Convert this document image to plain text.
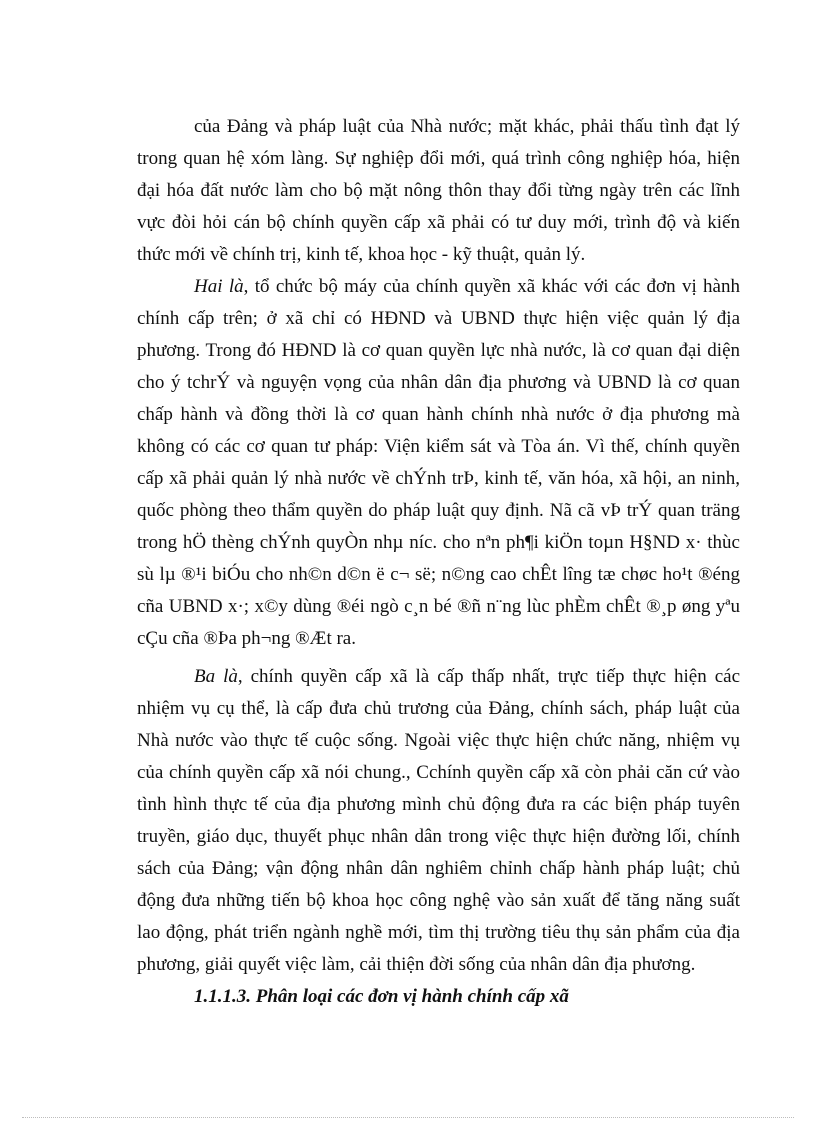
của Đảng và pháp luật của Nhà nước; mặt khác, phải thấu tình đạt lý
trong quan hệ xóm làng. Sự nghiệp đổi mới, quá trình công nghiệp hóa, hiện
đại hóa đất nước làm cho bộ mặt nông thôn thay đổi từng ngày trên các lĩnh
vực đòi hỏi cán bộ chính quyền cấp xã phải có tư duy mới, trình độ và kiến
thức mới về chính trị, kinh tế, khoa học - kỹ thuật, quản lý.
Hai là, tổ chức bộ máy của chính quyền xã khác với các đơn vị hành
chính cấp trên; ở xã chỉ có HĐND và UBND thực hiện việc quản lý địa
phương. Trong đó HĐND là cơ quan quyền lực nhà nước, là cơ quan đại diện
cho ý tchrÝ và nguyện vọng của nhân dân địa phương và UBND là cơ quan
chấp hành và đồng thời là cơ quan hành chính nhà nước ở địa phương mà
không có các cơ quan tư pháp: Viện kiểm sát và Tòa án. Vì thế, chính quyền
cấp xã phải quản lý nhà nước về chÝnh trÞ, kinh tế, văn hóa, xã hội, an ninh,
quốc phòng theo thẩm quyền do pháp luật quy định. Nã cã vÞ trÝ quan träng
trong hÖ thèng chÝnh quyÒn nhµ níc. cho nªn ph¶i kiÖn toµn H§ND x· thùc
sù lµ ®¹i biÓu cho nh©n d©n ë c¬ së; n©ng cao chÊt lîng tæ chøc ho¹t ®éng
cña UBND x·; x©y dùng ®éi ngò c¸n bé ®ñ n¨ng lùc phÈm chÊt ®¸p øng yªu
cÇu cña ®Þa ph¬ng ®Æt ra.
Ba là, chính quyền cấp xã là cấp thấp nhất, trực tiếp thực hiện các
nhiệm vụ cụ thể, là cấp đưa chủ trương của Đảng, chính sách, pháp luật của
Nhà nước vào thực tế cuộc sống. Ngoài việc thực hiện chức năng, nhiệm vụ
của chính quyền cấp xã nói chung., Cchính quyền cấp xã còn phải căn cứ vào
tình hình thực tế của địa phương mình chủ động đưa ra các biện pháp tuyên
truyền, giáo dục, thuyết phục nhân dân trong việc thực hiện đường lối, chính
sách của Đảng; vận động nhân dân nghiêm chỉnh chấp hành pháp luật; chủ
động đưa những tiến bộ khoa học công nghệ vào sản xuất để tăng năng suất
lao động, phát triển ngành nghề mới, tìm thị trường tiêu thụ sản phẩm của địa
phương, giải quyết việc làm, cải thiện đời sống của nhân dân địa phương.
1.1.1.3. Phân loại các đơn vị hành chính cấp xã
